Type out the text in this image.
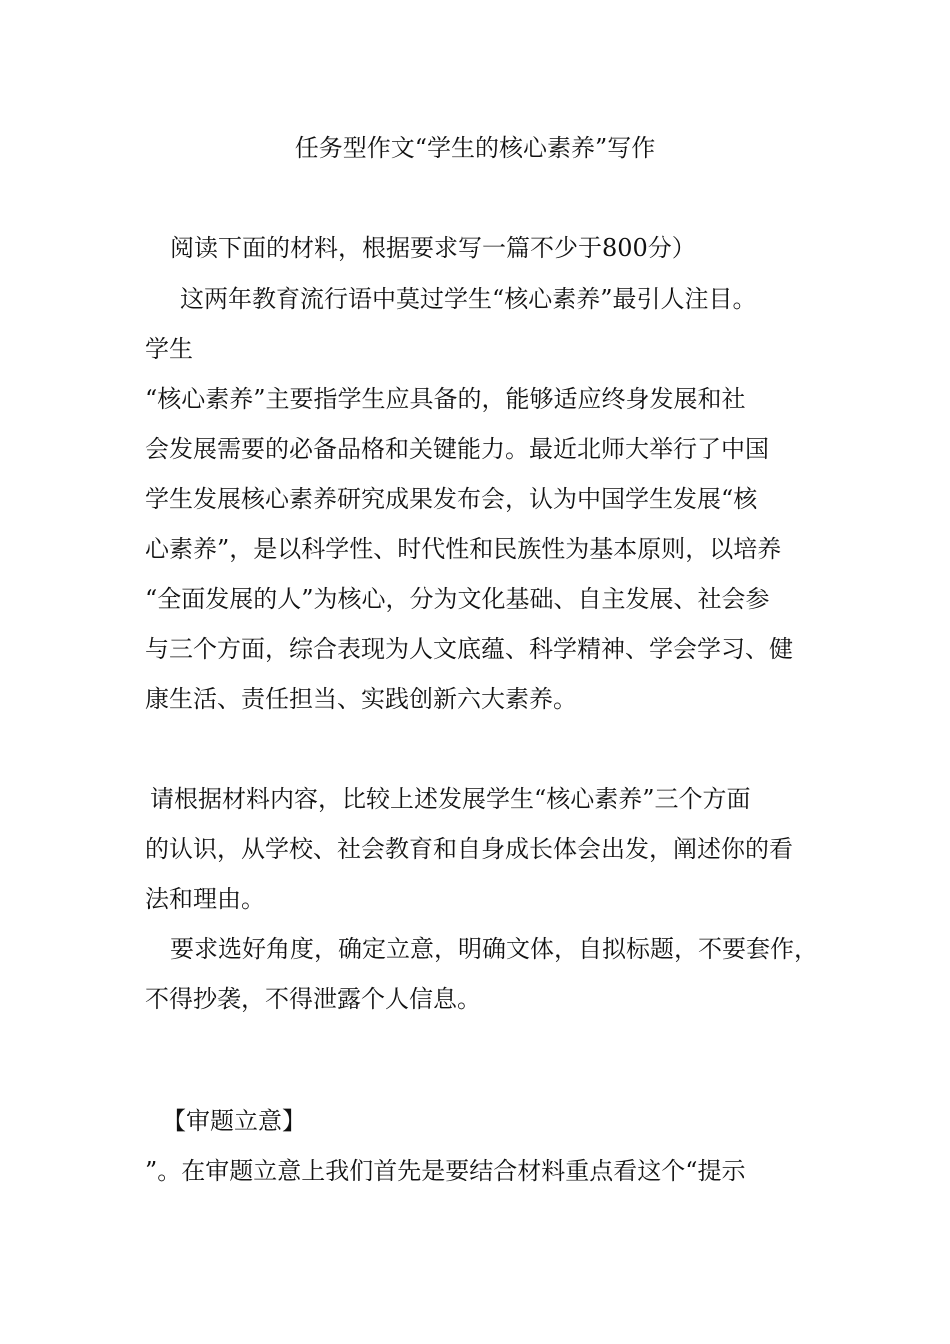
任务型作文“学生的核心素养”写作
阅读下面的材料，根据要求写一篇不少于800分）
这两年教育流行语中莫过学生“核心素养”最引人注目。
学生
“核心素养”主要指学生应具备的，能够适应终身发展和社
会发展需要的必备品格和关键能力。最近北师大举行了中国
学生发展核心素养研究成果发布会，认为中国学生发展“核
心素养”，是以科学性、时代性和民族性为基本原则，以培养
“全面发展的人”为核心，分为文化基础、自主发展、社会参
与三个方面，综合表现为人文底蕴、科学精神、学会学习、健
康生活、责任担当、实践创新六大素养。
请根据材料内容，比较上述发展学生“核心素养”三个方面
的认识，从学校、社会教育和自身成长体会出发，阐述你的看
法和理由。
要求选好角度，确定立意，明确文体，自拟标题，不要套作，
不得抄袭，不得泄露个人信息。
【审题立意】
”。在审题立意上我们首先是要结合材料重点看这个“提示
